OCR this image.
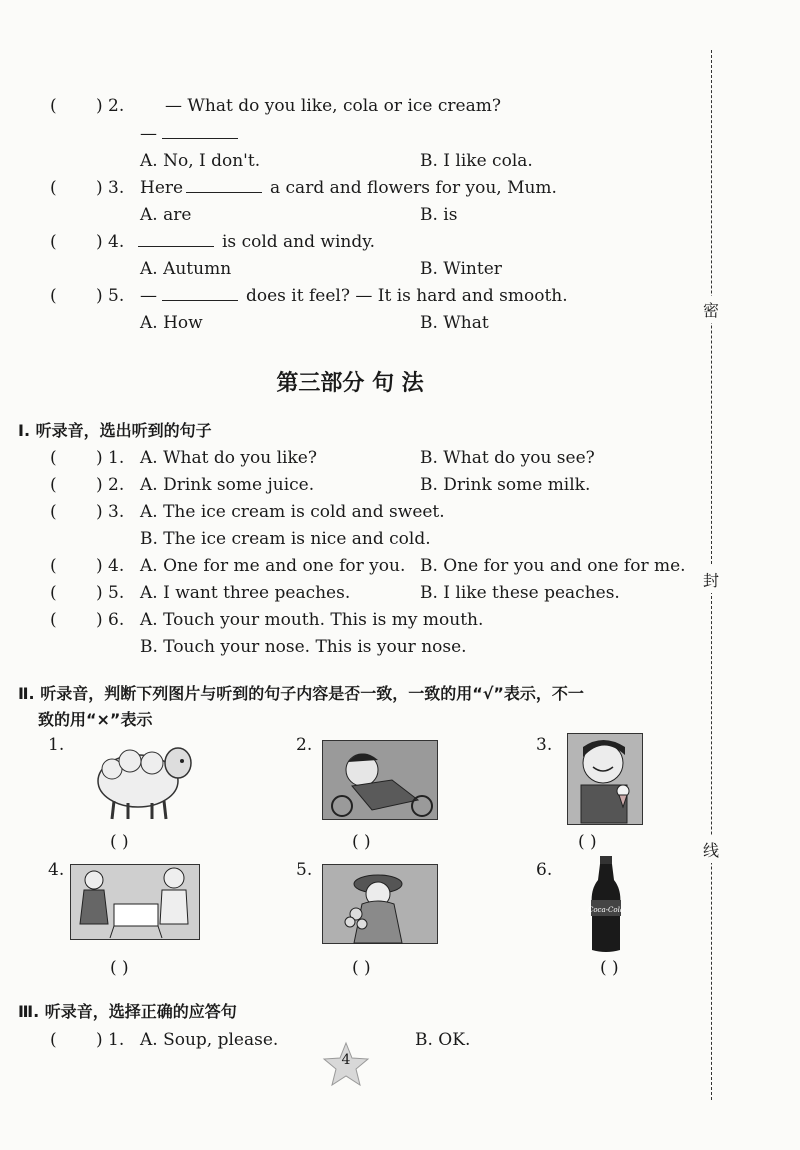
( ) 2. — What do you like, cola or ice cream?
—
A. No, I don't.	B. I like cola.
( ) 3. Here	a card and flowers for you, Mum.
A. are	B. is
( ) 4.	is cold and windy.
A. Autumn	B. Winter
( ) 5. —	does it feel? — It is hard and smooth.
A. How	B. What
第三部分 句 法
Ⅰ. 听录音，选出听到的句子
( ) 1. A. What do you like?	B. What do you see?
( ) 2. A. Drink some juice.	B. Drink some milk.
( ) 3. A. The ice cream is cold and sweet.
B. The ice cream is nice and cold.
( ) 4. A. One for me and one for you. B. One for you and one for me.
( ) 5. A. I want three peaches.	B. I like these peaches.
( ) 6. A. Touch your mouth. This is my mouth.
B. Touch your nose. This is your nose.
Ⅱ. 听录音，判断下列图片与听到的句子内容是否一致，一致的用“√”表示，不一
致的用“×”表示
1.
( )
2.
( )
3.
( )
4.
( )
5.
( )
6.
Coca-Cola
( )
Ⅲ. 听录音，选择正确的应答句
( ) 1. A. Soup, please.	B. OK.
密
封
线
4
